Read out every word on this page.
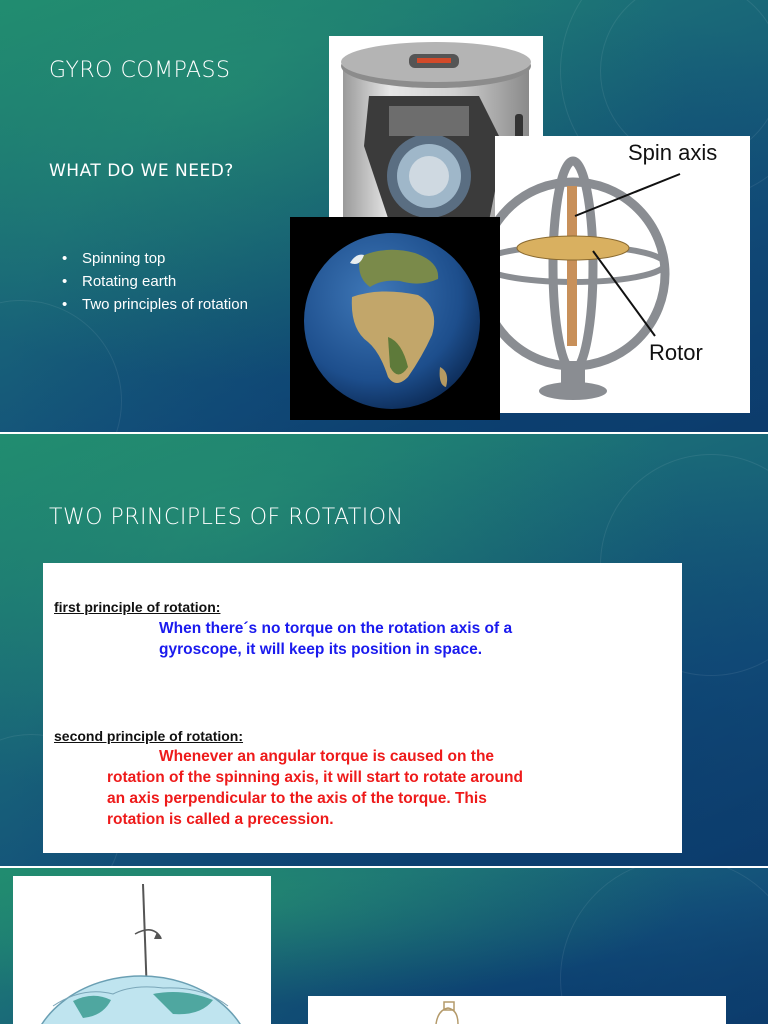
GYRO COMPASS
WHAT DO WE NEED?
• Spinning top
• Rotating earth
• Two principles of rotation
Spin axis
Rotor
TWO PRINCIPLES OF ROTATION
first principle of rotation:
When there´s no torque on the rotation axis of a
gyroscope, it will keep its position in space.
second principle of rotation:
Whenever an angular torque is caused on the
rotation of the spinning axis, it will start to rotate around
an axis perpendicular to the axis of the torque. This
rotation is called a precession.
